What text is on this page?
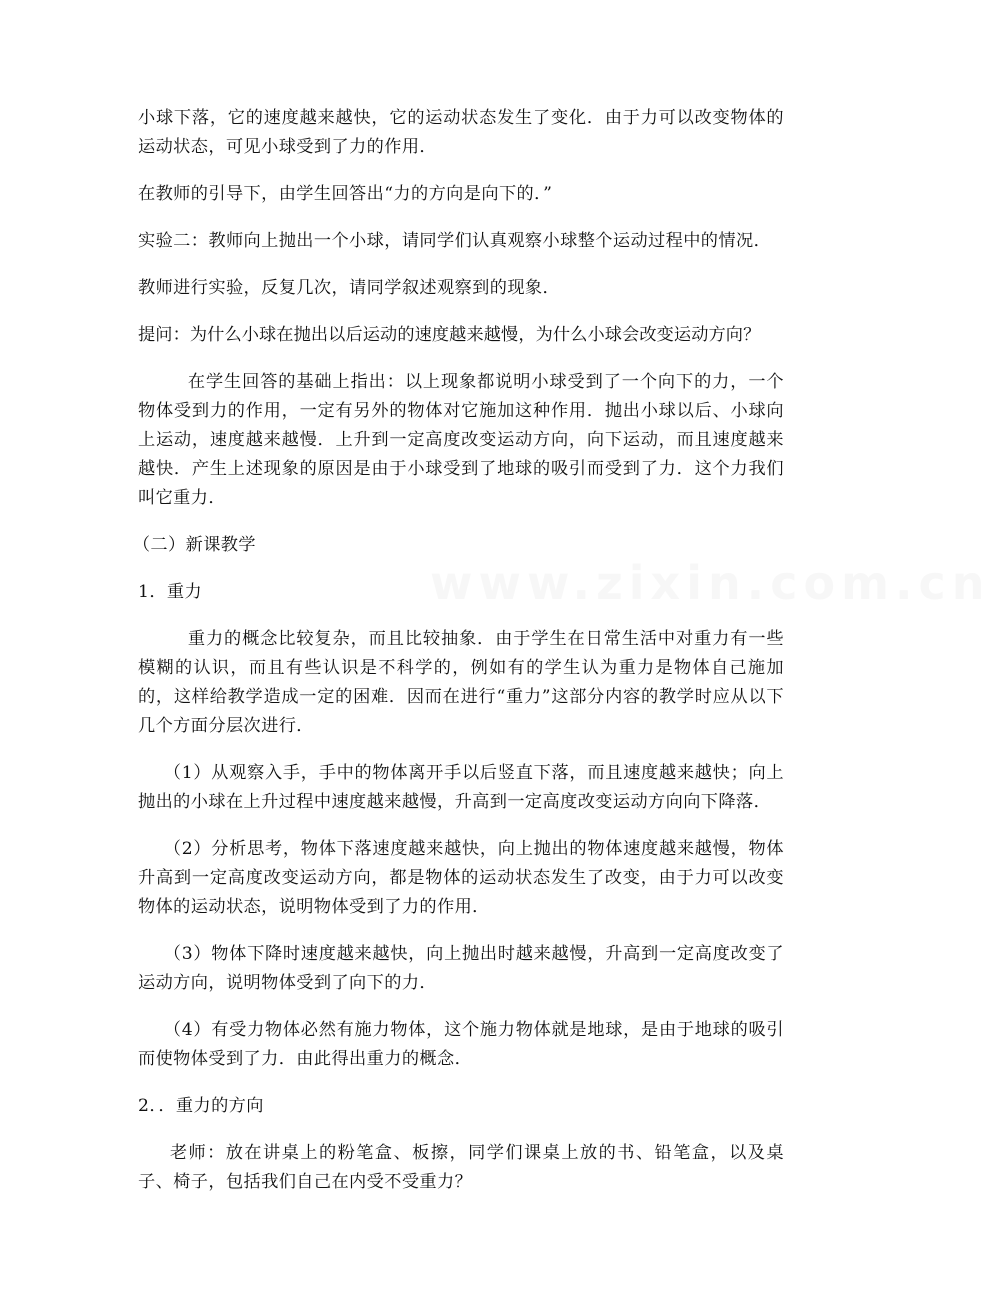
www.zixin.com.cn

小球下落，它的速度越来越快，它的运动状态发生了变化．由于力可以改变物体的运动状态，可见小球受到了力的作用．

在教师的引导下，由学生回答出“力的方向是向下的．”

实验二：教师向上抛出一个小球，请同学们认真观察小球整个运动过程中的情况．

教师进行实验，反复几次，请同学叙述观察到的现象．

提问：为什么小球在抛出以后运动的速度越来越慢，为什么小球会改变运动方向？

在学生回答的基础上指出：以上现象都说明小球受到了一个向下的力，一个物体受到力的作用，一定有另外的物体对它施加这种作用．抛出小球以后、小球向上运动，速度越来越慢．上升到一定高度改变运动方向，向下运动，而且速度越来越快．产生上述现象的原因是由于小球受到了地球的吸引而受到了力．这个力我们叫它重力．

（二）新课教学

1．重力

重力的概念比较复杂，而且比较抽象．由于学生在日常生活中对重力有一些模糊的认识，而且有些认识是不科学的，例如有的学生认为重力是物体自己施加的，这样给教学造成一定的困难．因而在进行“重力”这部分内容的教学时应从以下几个方面分层次进行．

（1）从观察入手，手中的物体离开手以后竖直下落，而且速度越来越快；向上抛出的小球在上升过程中速度越来越慢，升高到一定高度改变运动方向向下降落．

（2）分析思考，物体下落速度越来越快，向上抛出的物体速度越来越慢，物体升高到一定高度改变运动方向，都是物体的运动状态发生了改变，由于力可以改变物体的运动状态，说明物体受到了力的作用．

（3）物体下降时速度越来越快，向上抛出时越来越慢，升高到一定高度改变了运动方向，说明物体受到了向下的力．

（4）有受力物体必然有施力物体，这个施力物体就是地球，是由于地球的吸引而使物体受到了力．由此得出重力的概念．

2．．重力的方向

老师：放在讲桌上的粉笔盒、板擦，同学们课桌上放的书、铅笔盒，以及桌子、椅子，包括我们自己在内受不受重力？
